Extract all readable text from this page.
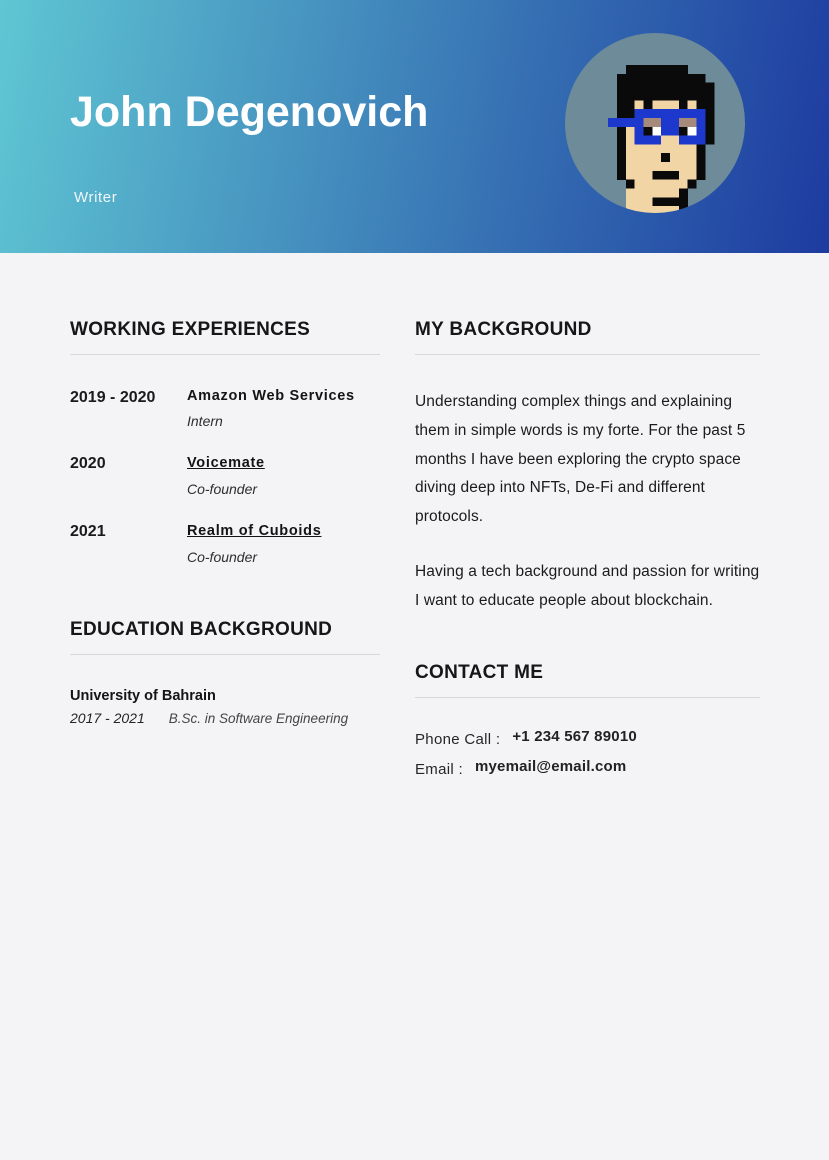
John Degenovich
Writer
WORKING EXPERIENCES
2019 - 2020	Amazon Web Services
Intern
2020	Voicemate
Co-founder
2021	Realm of Cuboids
Co-founder
EDUCATION BACKGROUND
University of Bahrain
2017 - 2021 B.Sc. in Software Engineering
MY BACKGROUND

Understanding complex things and explaining them in simple words is my forte. For the past 5 months I have been exploring the crypto space diving deep into NFTs, De-Fi and different protocols.

Having a tech background and passion for writing I want to educate people about blockchain.

CONTACT ME
Phone Call : +1 234 567 89010
Email : myemail@email.com
